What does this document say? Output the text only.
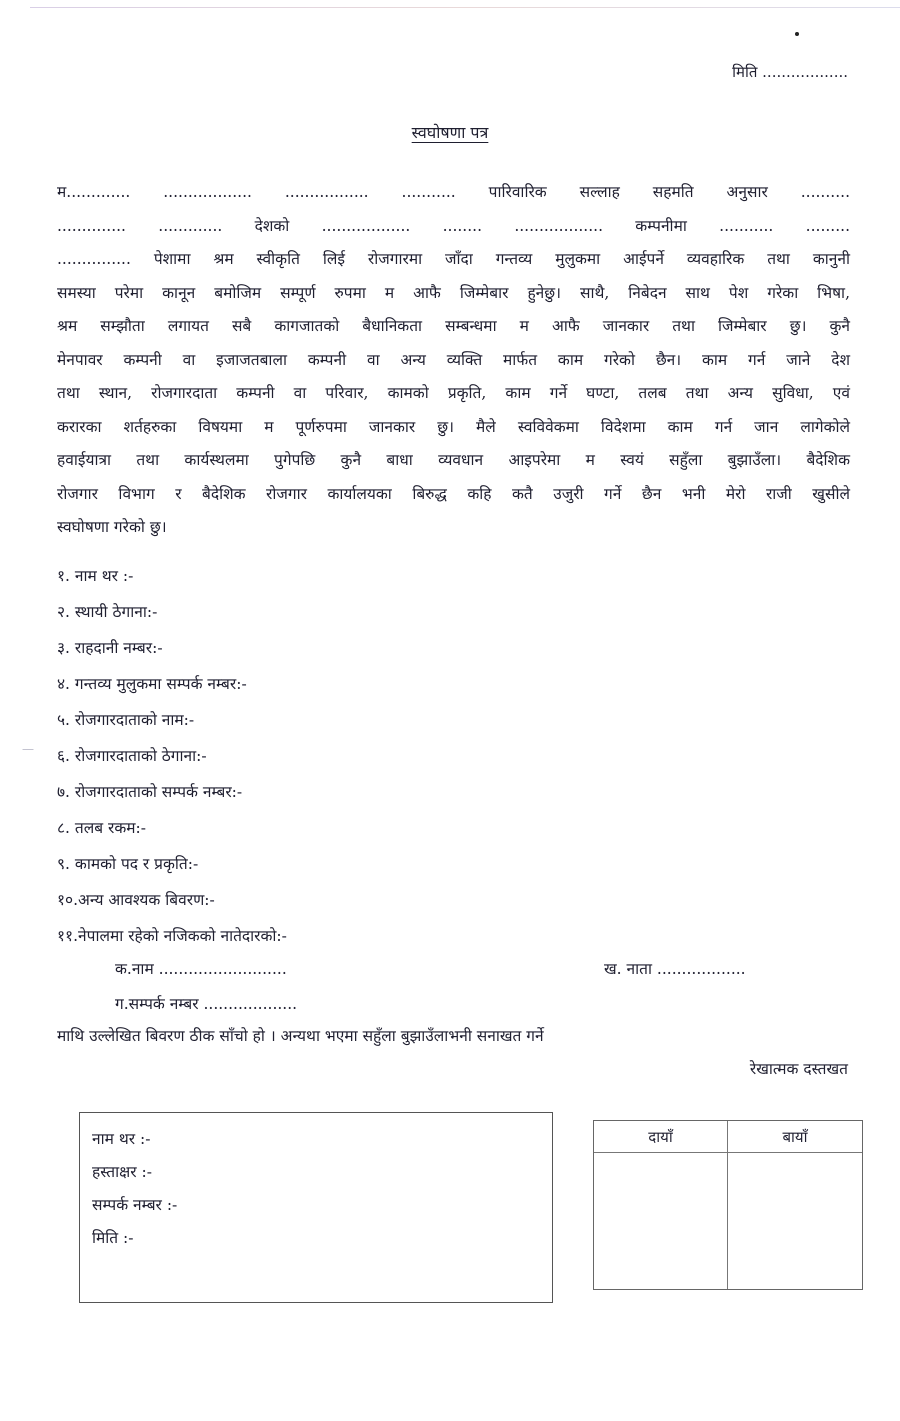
—
मिति ..................
स्वघोषणा पत्र
म............. .................. ................. ........... पारिवारिक सल्लाह सहमति अनुसार ..........
.............. ............. देशको .................. ........ .................. कम्पनीमा ........... .........
............... पेशामा श्रम स्वीकृति लिई रोजगारमा जाँदा गन्तव्य मुलुकमा आईपर्ने व्यवहारिक तथा कानुनी
समस्या परेमा कानून बमोजिम सम्पूर्ण रुपमा म आफै जिम्मेबार हुनेछु। साथै, निबेदन साथ पेश गरेका भिषा,
श्रम सम्झौता लगायत सबै कागजातको बैधानिकता सम्बन्धमा म आफै जानकार तथा जिम्मेबार छु। कुनै
मेनपावर कम्पनी वा इजाजतबाला कम्पनी वा अन्य व्यक्ति मार्फत काम गरेको छैन। काम गर्न जाने देश
तथा स्थान, रोजगारदाता कम्पनी वा परिवार, कामको प्रकृति, काम गर्ने घण्टा, तलब तथा अन्य सुविधा, एवं
करारका शर्तहरुका विषयमा म पूर्णरुपमा जानकार छु। मैले स्वविवेकमा विदेशमा काम गर्न जान लागेकोले
हवाईयात्रा तथा कार्यस्थलमा पुगेपछि कुनै बाधा व्यवधान आइपरेमा म स्वयं सहुँला बुझाउँला। बैदेशिक
रोजगार विभाग र बैदेशिक रोजगार कार्यालयका बिरुद्ध कहि कतै उजुरी गर्ने छैन भनी मेरो राजी खुसीले
स्वघोषणा गरेको छु।
१. नाम थर :-
२. स्थायी ठेगाना:-
३. राहदानी नम्बर:-
४. गन्तव्य मुलुकमा सम्पर्क नम्बर:-
५. रोजगारदाताको नाम:-
६. रोजगारदाताको ठेगाना:-
७. रोजगारदाताको सम्पर्क नम्बर:-
८. तलब रकम:-
९. कामको पद र प्रकृति:-
१०.अन्य आवश्यक बिवरण:-
११.नेपालमा रहेको नजिकको नातेदारको:-
क.नाम ..........................	ख. नाता ..................
ग.सम्पर्क नम्बर ...................
माथि उल्लेखित बिवरण ठीक साँचो हो । अन्यथा भएमा सहुँला बुझाउँलाभनी सनाखत गर्ने
रेखात्मक दस्तखत
नाम थर :-
हस्ताक्षर :-
सम्पर्क नम्बर :-
मिति :-
दायाँ	बायाँ
